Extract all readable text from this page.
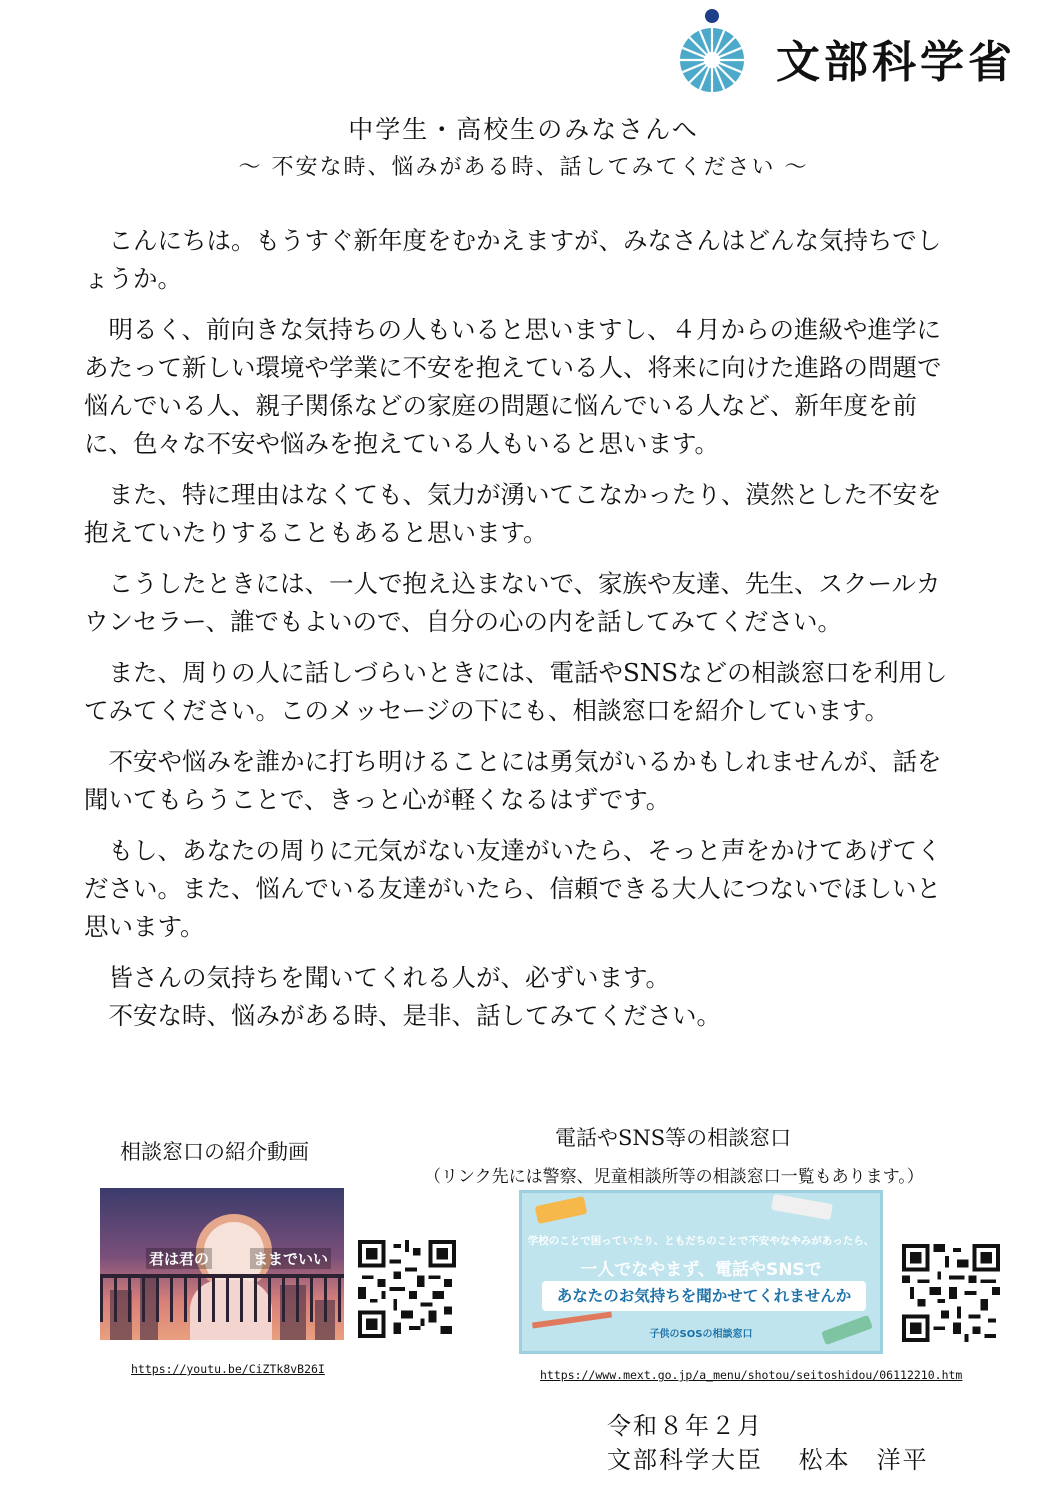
文部科学省
中学生・高校生のみなさんへ
～ 不安な時、悩みがある時、話してみてください ～

こんにちは。もうすぐ新年度をむかえますが、みなさんはどんな気持ちでしょうか。

明るく、前向きな気持ちの人もいると思いますし、４月からの進級や進学にあたって新しい環境や学業に不安を抱えている人、将来に向けた進路の問題で悩んでいる人、親子関係などの家庭の問題に悩んでいる人など、新年度を前に、色々な不安や悩みを抱えている人もいると思います。

また、特に理由はなくても、気力が湧いてこなかったり、漠然とした不安を抱えていたりすることもあると思います。

こうしたときには、一人で抱え込まないで、家族や友達、先生、スクールカウンセラー、誰でもよいので、自分の心の内を話してみてください。

また、周りの人に話しづらいときには、電話やSNSなどの相談窓口を利用してみてください。このメッセージの下にも、相談窓口を紹介しています。

不安や悩みを誰かに打ち明けることには勇気がいるかもしれませんが、話を聞いてもらうことで、きっと心が軽くなるはずです。

もし、あなたの周りに元気がない友達がいたら、そっと声をかけてあげてください。また、悩んでいる友達がいたら、信頼できる大人につないでほしいと思います。

皆さんの気持ちを聞いてくれる人が、必ずいます。

不安な時、悩みがある時、是非、話してみてください。

相談窓口の紹介動画
君は君の	ままでいい
https://youtu.be/CiZTk8vB26I
電話やSNS等の相談窓口
（リンク先には警察、児童相談所等の相談窓口一覧もあります。）
学校のことで困っていたり、ともだちのことで不安やなやみがあったら、
一人でなやまず、電話やSNSで
あなたのお気持ちを聞かせてくれませんか
子供のSOSの相談窓口
https://www.mext.go.jp/a_menu/shotou/seitoshidou/06112210.htm
令和８年２月
文部科学大臣　 松本　洋平
